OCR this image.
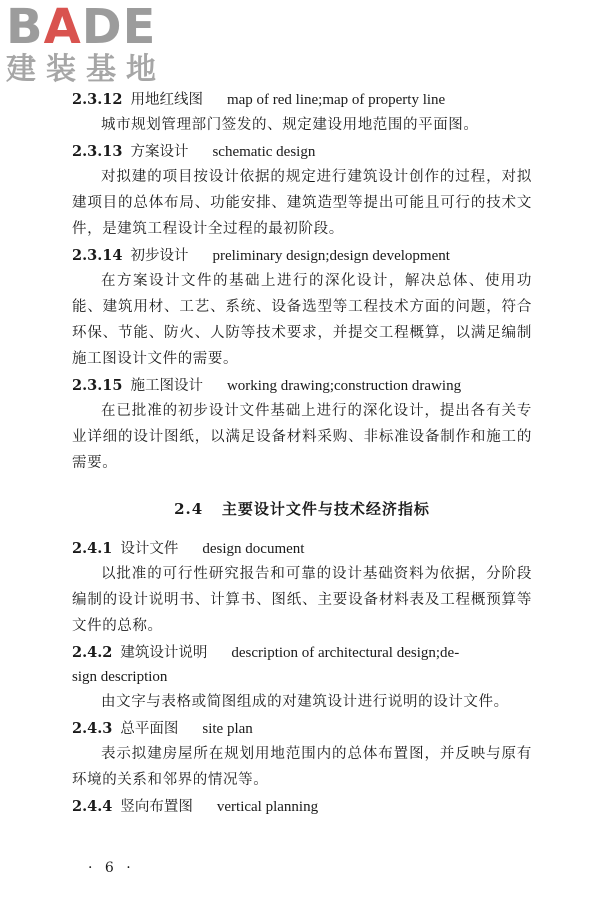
BADE
建装基地
2.3.12 用地红线图 map of red line;map of property line

城市规划管理部门签发的、规定建设用地范围的平面图。

2.3.13 方案设计 schematic design

对拟建的项目按设计依据的规定进行建筑设计创作的过程，对拟建项目的总体布局、功能安排、建筑造型等提出可能且可行的技术文件，是建筑工程设计全过程的最初阶段。

2.3.14 初步设计 preliminary design;design development

在方案设计文件的基础上进行的深化设计，解决总体、使用功能、建筑用材、工艺、系统、设备选型等工程技术方面的问题，符合环保、节能、防火、人防等技术要求，并提交工程概算，以满足编制施工图设计文件的需要。

2.3.15 施工图设计 working drawing;construction drawing

在已批准的初步设计文件基础上进行的深化设计，提出各有关专业详细的设计图纸，以满足设备材料采购、非标准设备制作和施工的需要。

2.4 主要设计文件与技术经济指标
2.4.1 设计文件 design document

以批准的可行性研究报告和可靠的设计基础资料为依据，分阶段编制的设计说明书、计算书、图纸、主要设备材料表及工程概预算等文件的总称。

2.4.2 建筑设计说明 description of architectural design;de-
sign description

由文字与表格或简图组成的对建筑设计进行说明的设计文件。

2.4.3 总平面图 site plan

表示拟建房屋所在规划用地范围内的总体布置图，并反映与原有环境的关系和邻界的情况等。

2.4.4 竖向布置图 vertical planning
· 6 ·
